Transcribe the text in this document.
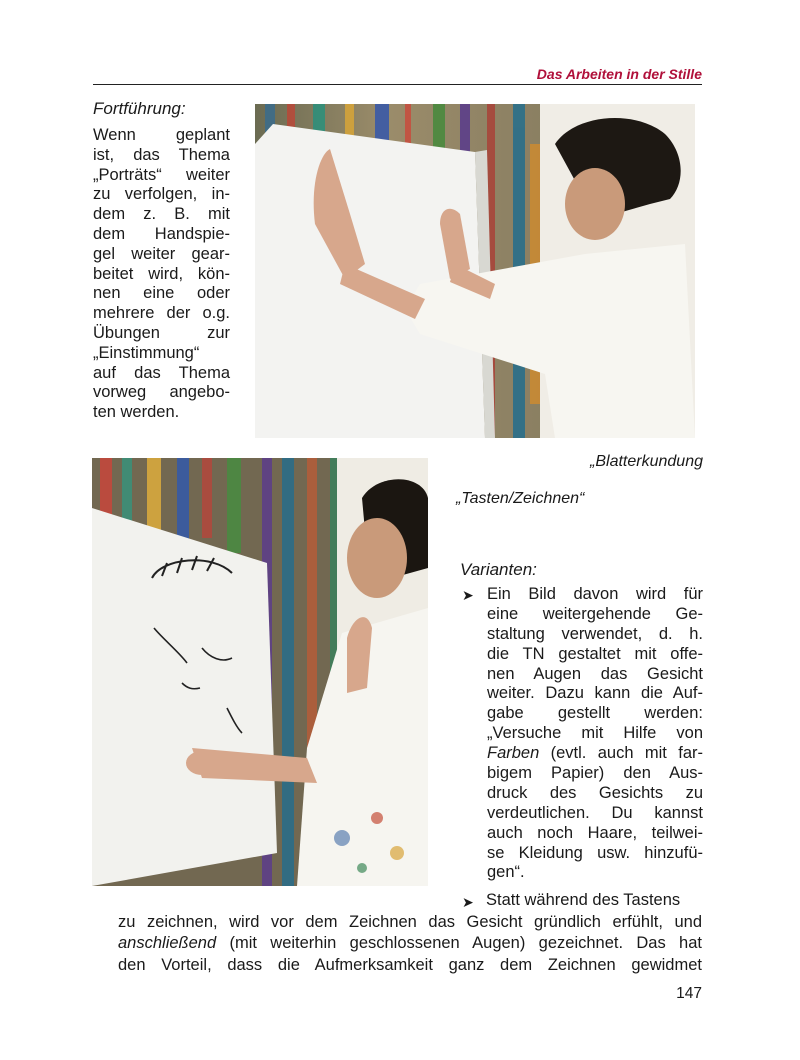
Das Arbeiten in der Stille
Fortführung:
Wenn geplant
ist, das Thema
„Porträts“ weiter
zu verfolgen, in-
dem z. B. mit
dem Handspie-
gel weiter gear-
beitet wird, kön-
nen eine oder
mehrere der o.g.
Übungen zur
„Einstimmung“
auf das Thema
vorweg angebo-
ten werden.
„Blatterkundung
„Tasten/Zeichnen“
Varianten:
➤ Ein Bild davon wird für
eine weitergehende Ge-
staltung verwendet, d. h.
die TN gestaltet mit offe-
nen Augen das Gesicht
weiter. Dazu kann die Auf-
gabe gestellt werden:
„Versuche mit Hilfe von
Farben (evtl. auch mit far-
bigem Papier) den Aus-
druck des Gesichts zu
verdeutlichen. Du kannst
auch noch Haare, teilwei-
se Kleidung usw. hinzufü-
gen“.
➤ Statt während des Tastens
zu zeichnen, wird vor dem Zeichnen das Gesicht gründlich erfühlt, und
anschließend (mit weiterhin geschlossenen Augen) gezeichnet. Das hat
den Vorteil, dass die Aufmerksamkeit ganz dem Zeichnen gewidmet
147
